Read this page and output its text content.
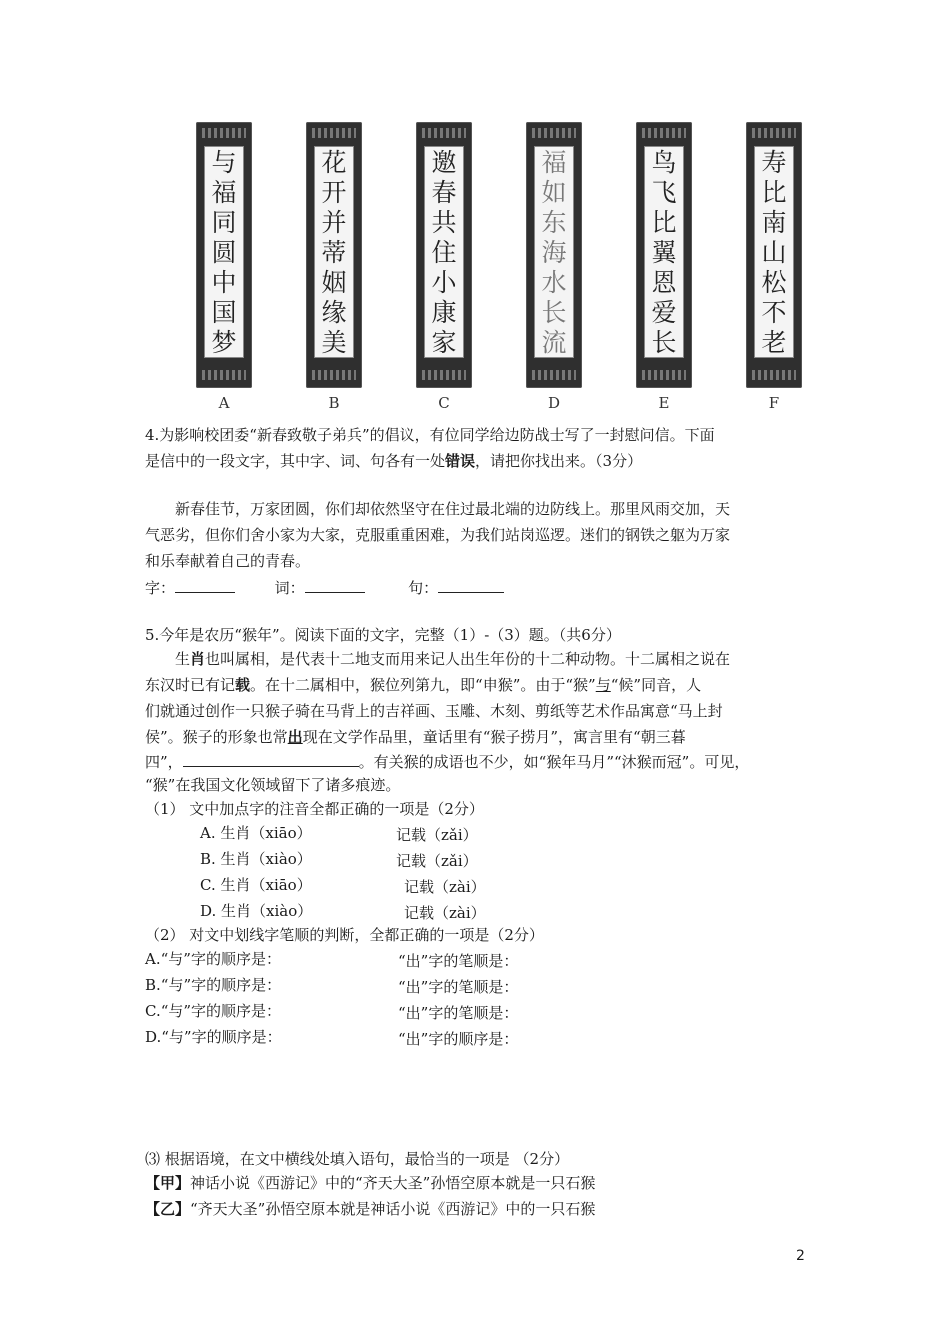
与
福
同
圆
中
国
梦
A
花
开
并
蒂
姻
缘
美
B
邀
春
共
住
小
康
家
C
福
如
东
海
水
长
流
D
鸟
飞
比
翼
恩
爱
长
E
寿
比
南
山
松
不
老
F
4.为影响校团委“新春致敬子弟兵”的倡议，有位同学给边防战士写了一封慰问信。下面
是信中的一段文字，其中字、词、句各有一处错误，请把你找出来。（3分）
新春佳节，万家团圆，你们却依然坚守在住过最北端的边防线上。那里风雨交加，天
气恶劣，但你们舍小家为大家，克服重重困难，为我们站岗巡逻。迷们的钢铁之躯为万家
和乐奉献着自己的青春。
字：	词：	句：
5.今年是农历“猴年”。阅读下面的文字，完整（1）-（3）题。（共6分）
生肖也叫属相，是代表十二地支而用来记人出生年份的十二种动物。十二属相之说在
东汉时已有记载。在十二属相中，猴位列第九，即“申猴”。由于“猴”与“候”同音，人
们就通过创作一只猴子骑在马背上的吉祥画、玉雕、木刻、剪纸等艺术作品寓意“马上封
侯”。猴子的形象也常出现在文学作品里，童话里有“猴子捞月”，寓言里有“朝三暮
四”，	。有关猴的成语也不少，如“猴年马月”“沐猴而冠”。可见，
“猴”在我国文化领域留下了诸多痕迹。
（1） 文中加点字的注音全都正确的一项是（2分）
A. 生肖（xiāo）	记载（zǎi）
B. 生肖（xiào）	记载（zǎi）
C. 生肖（xiāo）	记载（zài）
D. 生肖（xiào）	记载（zài）
（2） 对文中划线字笔顺的判断，全都正确的一项是（2分）
A.“与”字的顺序是：	“出”字的笔顺是：
B.“与”字的顺序是：	“出”字的笔顺是：
C.“与”字的顺序是：	“出”字的笔顺是：
D.“与”字的顺序是：	“出”字的顺序是：
⑶ 根据语境，在文中横线处填入语句，最恰当的一项是 （2分）
【甲】神话小说《西游记》中的“齐天大圣”孙悟空原本就是一只石猴
【乙】“齐天大圣”孙悟空原本就是神话小说《西游记》中的一只石猴
2
